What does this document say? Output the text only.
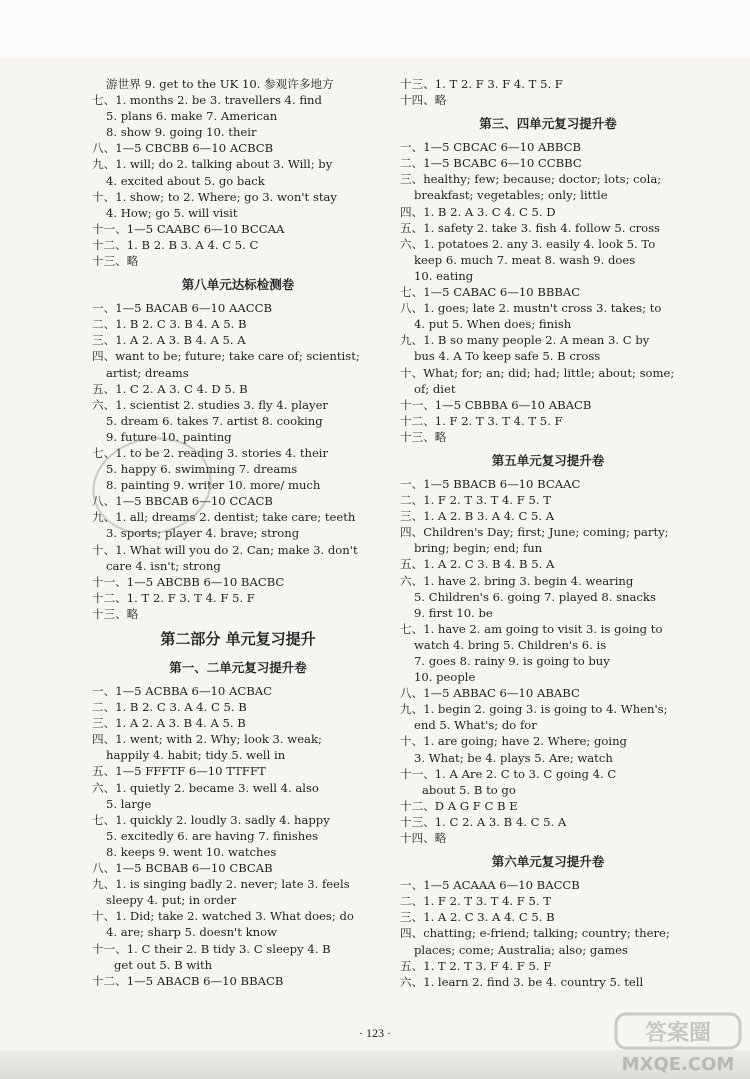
游世界 9. get to the UK 10. 参观许多地方
七、1. months 2. be 3. travellers 4. find
5. plans 6. make 7. American
8. show 9. going 10. their
八、1—5 CBCBB 6—10 ACBCB
九、1. will; do 2. talking about 3. Will; by
4. excited about 5. go back
十、1. show; to 2. Where; go 3. won't stay
4. How; go 5. will visit
十一、1—5 CAABC 6—10 BCCAA
十二、1. B 2. B 3. A 4. C 5. C
十三、略
第八单元达标检测卷
一、1—5 BACAB 6—10 AACCB
二、1. B 2. C 3. B 4. A 5. B
三、1. A 2. A 3. B 4. A 5. A
四、want to be; future; take care of; scientist;
artist; dreams
五、1. C 2. A 3. C 4. D 5. B
六、1. scientist 2. studies 3. fly 4. player
5. dream 6. takes 7. artist 8. cooking
9. future 10. painting
七、1. to be 2. reading 3. stories 4. their
5. happy 6. swimming 7. dreams
8. painting 9. writer 10. more/ much
八、1—5 BBCAB 6—10 CCACB
九、1. all; dreams 2. dentist; take care; teeth
3. sports; player 4. brave; strong
十、1. What will you do 2. Can; make 3. don't
care 4. isn't; strong
十一、1—5 ABCBB 6—10 BACBC
十二、1. T 2. F 3. T 4. F 5. F
十三、略
第二部分 单元复习提升
第一、二单元复习提升卷
一、1—5 ACBBA 6—10 ACBAC
二、1. B 2. C 3. A 4. C 5. B
三、1. A 2. A 3. B 4. A 5. B
四、1. went; with 2. Why; look 3. weak;
happily 4. habit; tidy 5. well in
五、1—5 FFFTF 6—10 TTFFT
六、1. quietly 2. became 3. well 4. also
5. large
七、1. quickly 2. loudly 3. sadly 4. happy
5. excitedly 6. are having 7. finishes
8. keeps 9. went 10. watches
八、1—5 BCBAB 6—10 CBCAB
九、1. is singing badly 2. never; late 3. feels
sleepy 4. put; in order
十、1. Did; take 2. watched 3. What does; do
4. are; sharp 5. doesn't know
十一、1. C their 2. B tidy 3. C sleepy 4. B
get out 5. B with
十二、1—5 ABACB 6—10 BBACB
十三、1. T 2. F 3. F 4. T 5. F
十四、略
第三、四单元复习提升卷
一、1—5 CBCAC 6—10 ABBCB
二、1—5 BCABC 6—10 CCBBC
三、healthy; few; because; doctor; lots; cola;
breakfast; vegetables; only; little
四、1. B 2. A 3. C 4. C 5. D
五、1. safety 2. take 3. fish 4. follow 5. cross
六、1. potatoes 2. any 3. easily 4. look 5. To
keep 6. much 7. meat 8. wash 9. does
10. eating
七、1—5 CABAC 6—10 BBBAC
八、1. goes; late 2. mustn't cross 3. takes; to
4. put 5. When does; finish
九、1. B so many people 2. A mean 3. C by
bus 4. A To keep safe 5. B cross
十、What; for; an; did; had; little; about; some;
of; diet
十一、1—5 CBBBA 6—10 ABACB
十二、1. F 2. T 3. T 4. T 5. F
十三、略
第五单元复习提升卷
一、1—5 BBACB 6—10 BCAAC
二、1. F 2. T 3. T 4. F 5. T
三、1. A 2. B 3. A 4. C 5. A
四、Children's Day; first; June; coming; party;
bring; begin; end; fun
五、1. A 2. C 3. B 4. B 5. A
六、1. have 2. bring 3. begin 4. wearing
5. Children's 6. going 7. played 8. snacks
9. first 10. be
七、1. have 2. am going to visit 3. is going to
watch 4. bring 5. Children's 6. is
7. goes 8. rainy 9. is going to buy
10. people
八、1—5 ABBAC 6—10 ABABC
九、1. begin 2. going 3. is going to 4. When's;
end 5. What's; do for
十、1. are going; have 2. Where; going
3. What; be 4. plays 5. Are; watch
十一、1. A Are 2. C to 3. C going 4. C
about 5. B to go
十二、D A G F C B E
十三、1. C 2. A 3. B 4. C 5. A
十四、略
第六单元复习提升卷
一、1—5 ACAAA 6—10 BACCB
二、1. F 2. T 3. T 4. F 5. T
三、1. A 2. C 3. A 4. C 5. B
四、chatting; e-friend; talking; country; there;
places; come; Australia; also; games
五、1. T 2. T 3. F 4. F 5. F
六、1. learn 2. find 3. be 4. country 5. tell
· 123 ·	答案圈
MXQE.COM
